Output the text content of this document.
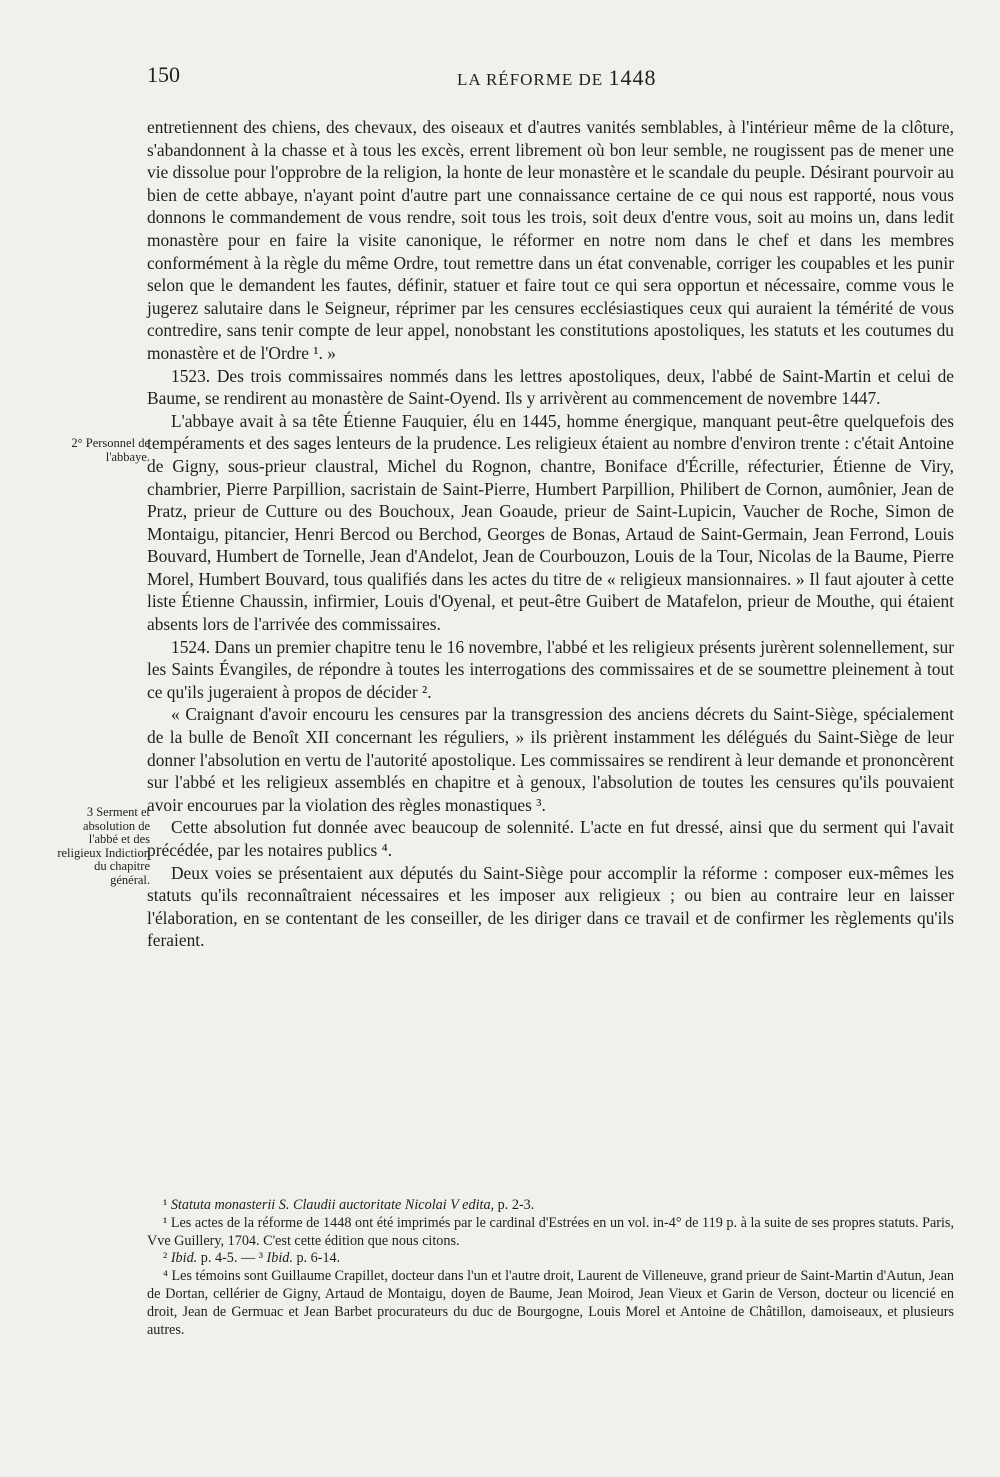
150	LA RÉFORME DE 1448
2° Personnel de l'abbaye.
3 Serment et absolution de l'abbé et des religieux Indiction du chapitre général.

entretiennent des chiens, des chevaux, des oiseaux et d'autres vanités semblables, à l'intérieur même de la clôture, s'abandonnent à la chasse et à tous les excès, errent librement où bon leur semble, ne rougissent pas de mener une vie dissolue pour l'opprobre de la religion, la honte de leur monastère et le scandale du peuple. Désirant pourvoir au bien de cette abbaye, n'ayant point d'autre part une connaissance certaine de ce qui nous est rapporté, nous vous donnons le commandement de vous rendre, soit tous les trois, soit deux d'entre vous, soit au moins un, dans ledit monastère pour en faire la visite canonique, le réformer en notre nom dans le chef et dans les membres conformément à la règle du même Ordre, tout remettre dans un état convenable, corriger les coupables et les punir selon que le demandent les fautes, définir, statuer et faire tout ce qui sera opportun et nécessaire, comme vous le jugerez salutaire dans le Seigneur, réprimer par les censures ecclésiastiques ceux qui auraient la témérité de vous contredire, sans tenir compte de leur appel, nonobstant les constitutions apostoliques, les statuts et les coutumes du monastère et de l'Ordre ¹. »

1523. Des trois commissaires nommés dans les lettres apostoliques, deux, l'abbé de Saint-Martin et celui de Baume, se rendirent au monastère de Saint-Oyend. Ils y arrivèrent au commencement de novembre 1447.

L'abbaye avait à sa tête Étienne Fauquier, élu en 1445, homme énergique, manquant peut-être quelquefois des tempéraments et des sages lenteurs de la prudence. Les religieux étaient au nombre d'environ trente : c'était Antoine de Gigny, sous-prieur claustral, Michel du Rognon, chantre, Boniface d'Écrille, réfecturier, Étienne de Viry, chambrier, Pierre Parpillion, sacristain de Saint-Pierre, Humbert Parpillion, Philibert de Cornon, aumônier, Jean de Pratz, prieur de Cutture ou des Bouchoux, Jean Goaude, prieur de Saint-Lupicin, Vaucher de Roche, Simon de Montaigu, pitancier, Henri Bercod ou Berchod, Georges de Bonas, Artaud de Saint-Germain, Jean Ferrond, Louis Bouvard, Humbert de Tornelle, Jean d'Andelot, Jean de Courbouzon, Louis de la Tour, Nicolas de la Baume, Pierre Morel, Humbert Bouvard, tous qualifiés dans les actes du titre de « religieux mansionnaires. » Il faut ajouter à cette liste Étienne Chaussin, infirmier, Louis d'Oyenal, et peut-être Guibert de Matafelon, prieur de Mouthe, qui étaient absents lors de l'arrivée des commissaires.

1524. Dans un premier chapitre tenu le 16 novembre, l'abbé et les religieux présents jurèrent solennellement, sur les Saints Évangiles, de répondre à toutes les interrogations des commissaires et de se soumettre pleinement à tout ce qu'ils jugeraient à propos de décider ².

« Craignant d'avoir encouru les censures par la transgression des anciens décrets du Saint-Siège, spécialement de la bulle de Benoît XII concernant les réguliers, » ils prièrent instamment les délégués du Saint-Siège de leur donner l'absolution en vertu de l'autorité apostolique. Les commissaires se rendirent à leur demande et prononcèrent sur l'abbé et les religieux assemblés en chapitre et à genoux, l'absolution de toutes les censures qu'ils pouvaient avoir encourues par la violation des règles monastiques ³.

Cette absolution fut donnée avec beaucoup de solennité. L'acte en fut dressé, ainsi que du serment qui l'avait précédée, par les notaires publics ⁴.

Deux voies se présentaient aux députés du Saint-Siège pour accomplir la réforme : composer eux-mêmes les statuts qu'ils reconnaîtraient nécessaires et les imposer aux religieux ; ou bien au contraire leur en laisser l'élaboration, en se contentant de les conseiller, de les diriger dans ce travail et de confirmer les règlements qu'ils feraient.

¹ Statuta monasterii S. Claudii auctoritate Nicolai V edita, p. 2-3.

¹ Les actes de la réforme de 1448 ont été imprimés par le cardinal d'Estrées en un vol. in-4° de 119 p. à la suite de ses propres statuts. Paris, Vve Guillery, 1704. C'est cette édition que nous citons.

² Ibid. p. 4-5. — ³ Ibid. p. 6-14.

⁴ Les témoins sont Guillaume Crapillet, docteur dans l'un et l'autre droit, Laurent de Villeneuve, grand prieur de Saint-Martin d'Autun, Jean de Dortan, cellérier de Gigny, Artaud de Montaigu, doyen de Baume, Jean Moirod, Jean Vieux et Garin de Verson, docteur ou licencié en droit, Jean de Germuac et Jean Barbet procurateurs du duc de Bourgogne, Louis Morel et Antoine de Châtillon, damoiseaux, et plusieurs autres.
